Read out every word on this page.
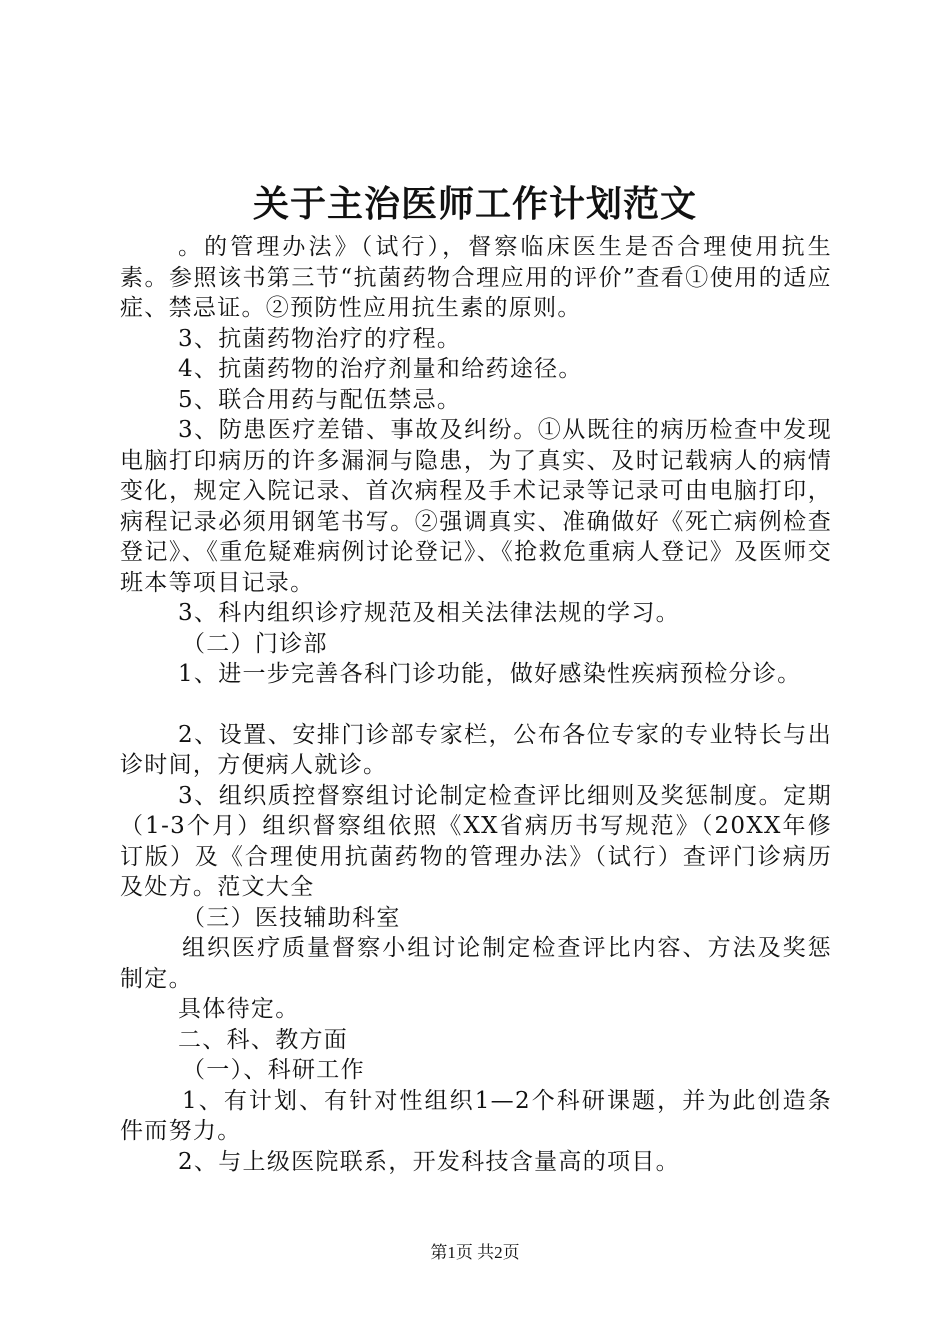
关于主治医师工作计划范文

。的管理办法》（试行），督察临床医生是否合理使用抗生素。参照该书第三节“抗菌药物合理应用的评价”查看①使用的适应症、禁忌证。②预防性应用抗生素的原则。

3、抗菌药物治疗的疗程。

4、抗菌药物的治疗剂量和给药途径。

5、联合用药与配伍禁忌。

3、防患医疗差错、事故及纠纷。①从既往的病历检查中发现电脑打印病历的许多漏洞与隐患，为了真实、及时记载病人的病情变化，规定入院记录、首次病程及手术记录等记录可由电脑打印，病程记录必须用钢笔书写。②强调真实、准确做好《死亡病例检查登记》、《重危疑难病例讨论登记》、《抢救危重病人登记》及医师交班本等项目记录。

3、科内组织诊疗规范及相关法律法规的学习。

（二）门诊部

1、进一步完善各科门诊功能，做好感染性疾病预检分诊。

2、设置、安排门诊部专家栏，公布各位专家的专业特长与出诊时间，方便病人就诊。

3、组织质控督察组讨论制定检查评比细则及奖惩制度。定期（1-3个月）组织督察组依照《XX省病历书写规范》（20XX年修订版）及《合理使用抗菌药物的管理办法》（试行）查评门诊病历及处方。范文大全

（三）医技辅助科室

组织医疗质量督察小组讨论制定检查评比内容、方法及奖惩制定。

具体待定。

二、科、教方面

（一）、科研工作

1、有计划、有针对性组织1—2个科研课题，并为此创造条件而努力。

2、与上级医院联系，开发科技含量高的项目。

第1页 共2页
